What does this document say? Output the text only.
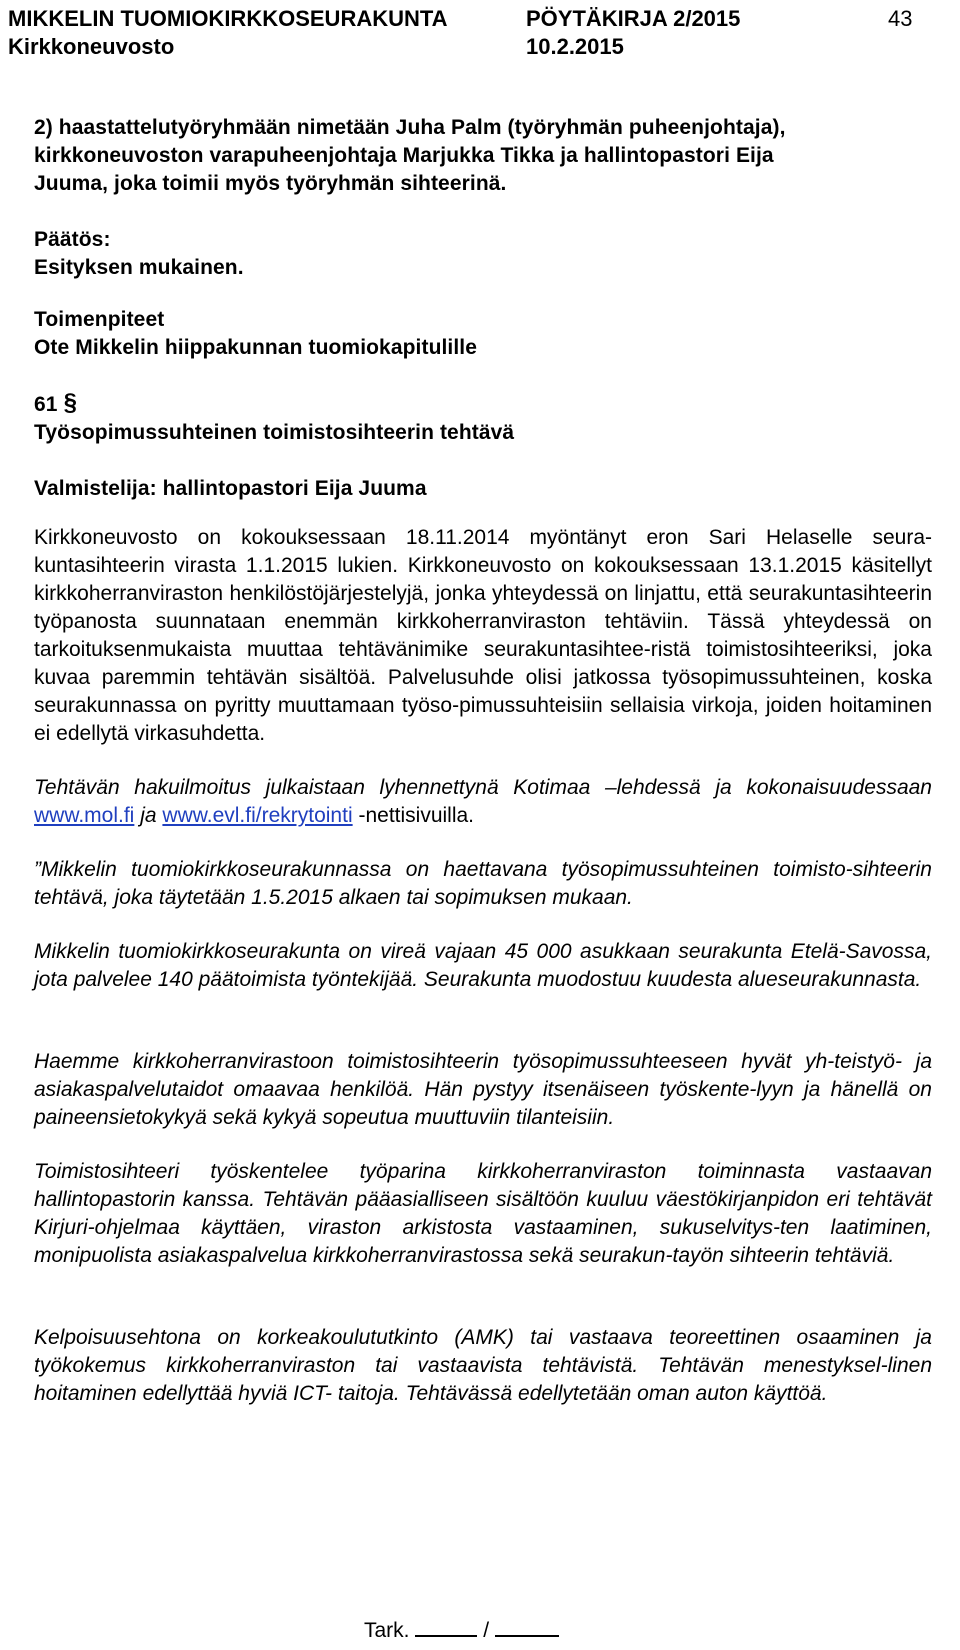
MIKKELIN TUOMIOKIRKKOSEURAKUNTA	PÖYTÄKIRJA 2/2015	43
Kirkkoneuvosto	10.2.2015

2) haastattelutyöryhmään nimetään Juha Palm (työryhmän puheenjohtaja),

kirkkoneuvoston varapuheenjohtaja Marjukka Tikka ja hallintopastori Eija

Juuma, joka toimii myös työryhmän sihteerinä.

Päätös:

Esityksen mukainen.

Toimenpiteet

Ote Mikkelin hiippakunnan tuomiokapitulille

61 §

Työsopimussuhteinen toimistosihteerin tehtävä

Valmistelija: hallintopastori Eija Juuma

Kirkkoneuvosto on kokouksessaan 18.11.2014 myöntänyt eron Sari Helaselle seura-kuntasihteerin virasta 1.1.2015 lukien. Kirkkoneuvosto on kokouksessaan 13.1.2015 käsitellyt kirkkoherranviraston henkilöstöjärjestelyjä, jonka yhteydessä on linjattu, että seurakuntasihteerin työpanosta suunnataan enemmän kirkkoherranviraston tehtäviin. Tässä yhteydessä on tarkoituksenmukaista muuttaa tehtävänimike seurakuntasihtee-ristä toimistosihteeriksi, joka kuvaa paremmin tehtävän sisältöä. Palvelusuhde olisi jatkossa työsopimussuhteinen, koska seurakunnassa on pyritty muuttamaan työso-pimussuhteisiin sellaisia virkoja, joiden hoitaminen ei edellytä virkasuhdetta.

Tehtävän hakuilmoitus julkaistaan lyhennettynä Kotimaa –lehdessä ja kokonaisuudessaan www.mol.fi ja www.evl.fi/rekrytointi -nettisivuilla.

”Mikkelin tuomiokirkkoseurakunnassa on haettavana työsopimussuhteinen toimisto-sihteerin tehtävä, joka täytetään 1.5.2015 alkaen tai sopimuksen mukaan.

Mikkelin tuomiokirkkoseurakunta on vireä vajaan 45 000 asukkaan seurakunta Etelä-Savossa, jota palvelee 140 päätoimista työntekijää. Seurakunta muodostuu kuudesta alueseurakunnasta.

Haemme kirkkoherranvirastoon toimistosihteerin työsopimussuhteeseen hyvät yh-teistyö- ja asiakaspalvelutaidot omaavaa henkilöä. Hän pystyy itsenäiseen työskente-lyyn ja hänellä on paineensietokykyä sekä kykyä sopeutua muuttuviin tilanteisiin.

Toimistosihteeri työskentelee työparina kirkkoherranviraston toiminnasta vastaavan hallintopastorin kanssa. Tehtävän pääasialliseen sisältöön kuuluu väestökirjanpidon eri tehtävät Kirjuri-ohjelmaa käyttäen, viraston arkistosta vastaaminen, sukuselvitys-ten laatiminen, monipuolista asiakaspalvelua kirkkoherranvirastossa sekä seurakun-tayön sihteerin tehtäviä.

Kelpoisuusehtona on korkeakoulututkinto (AMK) tai vastaava teoreettinen osaaminen ja työkokemus kirkkoherranviraston tai vastaavista tehtävistä. Tehtävän menestyksel-linen hoitaminen edellyttää hyviä ICT- taitoja. Tehtävässä edellytetään oman auton käyttöä.

Tark.	/
